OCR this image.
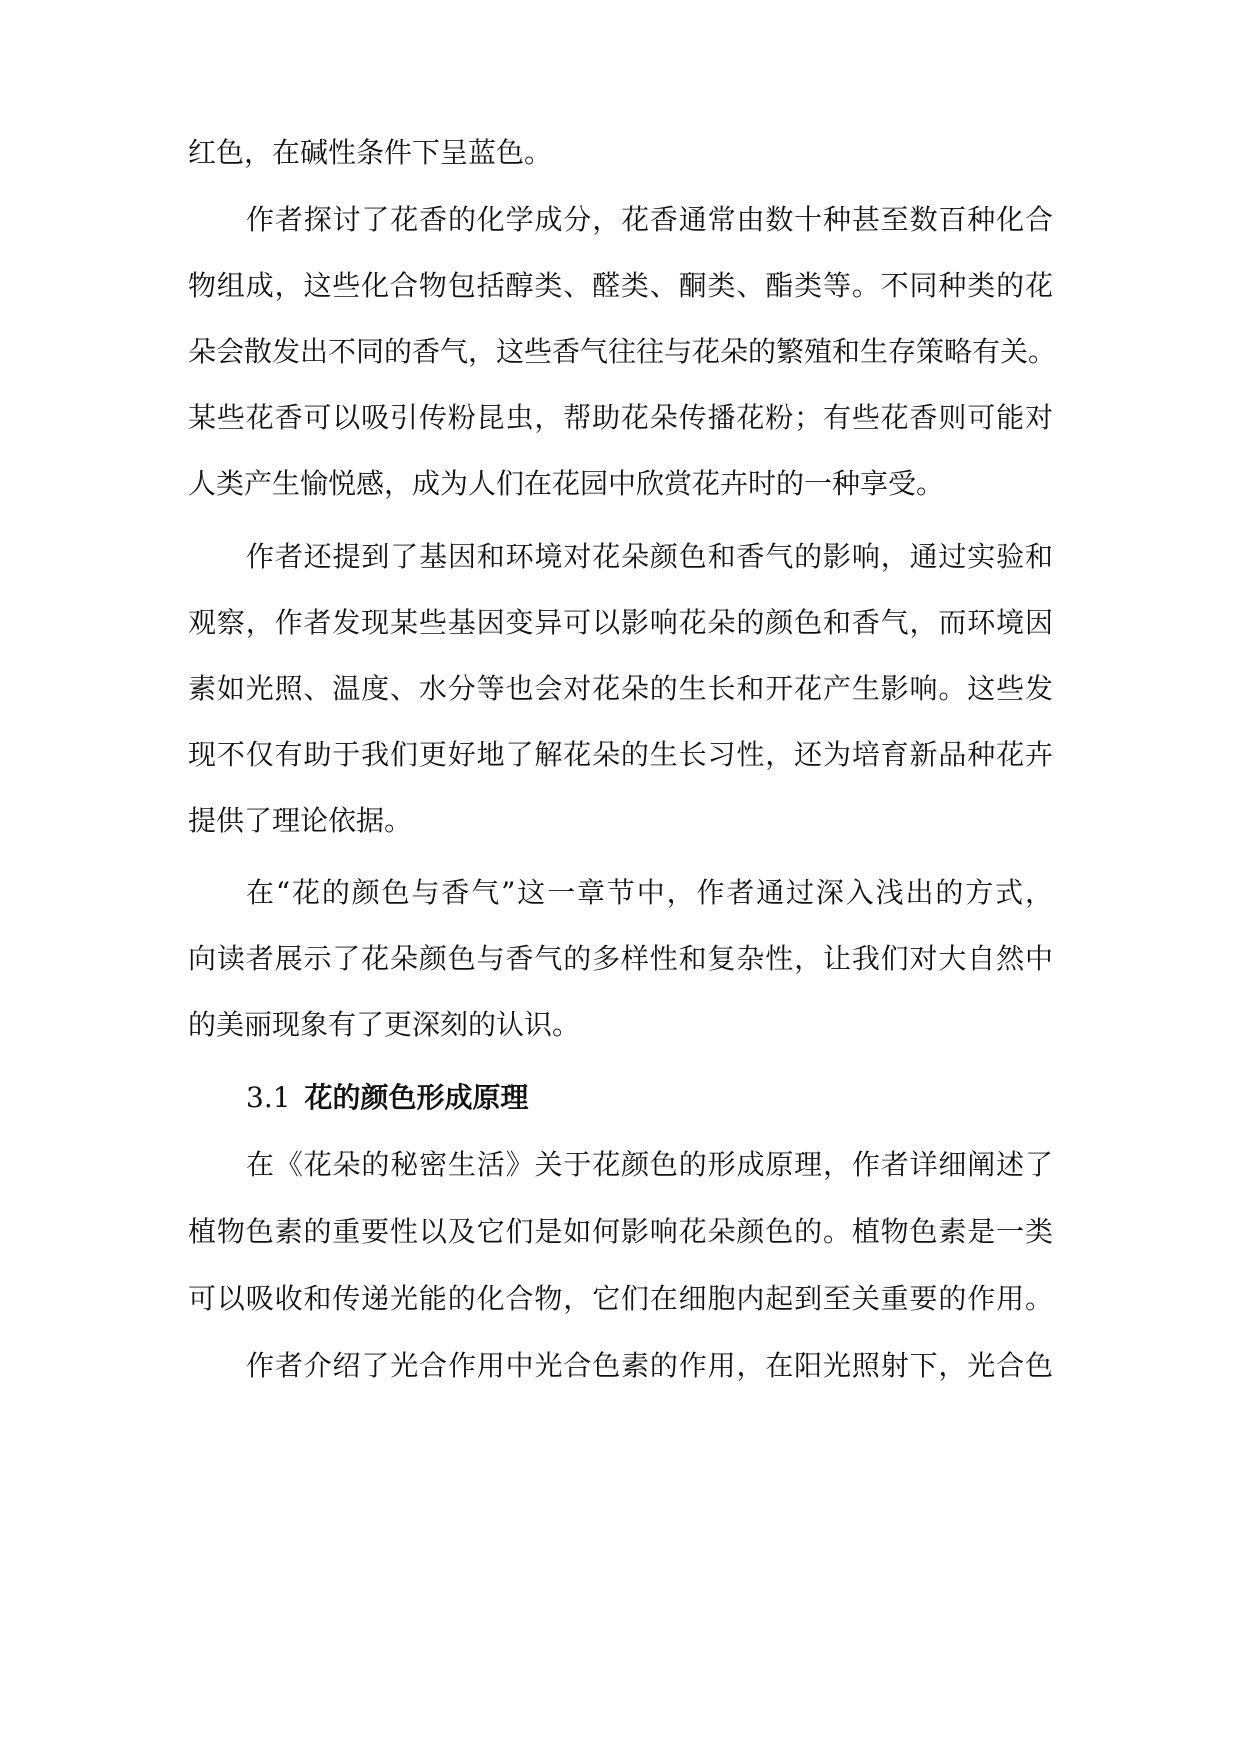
红色，在碱性条件下呈蓝色。

作者探讨了花香的化学成分，花香通常由数十种甚至数百种化合

物组成，这些化合物包括醇类、醛类、酮类、酯类等。不同种类的花

朵会散发出不同的香气，这些香气往往与花朵的繁殖和生存策略有关。

某些花香可以吸引传粉昆虫，帮助花朵传播花粉；有些花香则可能对

人类产生愉悦感，成为人们在花园中欣赏花卉时的一种享受。

作者还提到了基因和环境对花朵颜色和香气的影响，通过实验和

观察，作者发现某些基因变异可以影响花朵的颜色和香气，而环境因

素如光照、温度、水分等也会对花朵的生长和开花产生影响。这些发

现不仅有助于我们更好地了解花朵的生长习性，还为培育新品种花卉

提供了理论依据。

在“花的颜色与香气”这一章节中，作者通过深入浅出的方式，

向读者展示了花朵颜色与香气的多样性和复杂性，让我们对大自然中

的美丽现象有了更深刻的认识。

3.1 花的颜色形成原理

在《花朵的秘密生活》关于花颜色的形成原理，作者详细阐述了

植物色素的重要性以及它们是如何影响花朵颜色的。植物色素是一类

可以吸收和传递光能的化合物，它们在细胞内起到至关重要的作用。

作者介绍了光合作用中光合色素的作用，在阳光照射下，光合色
